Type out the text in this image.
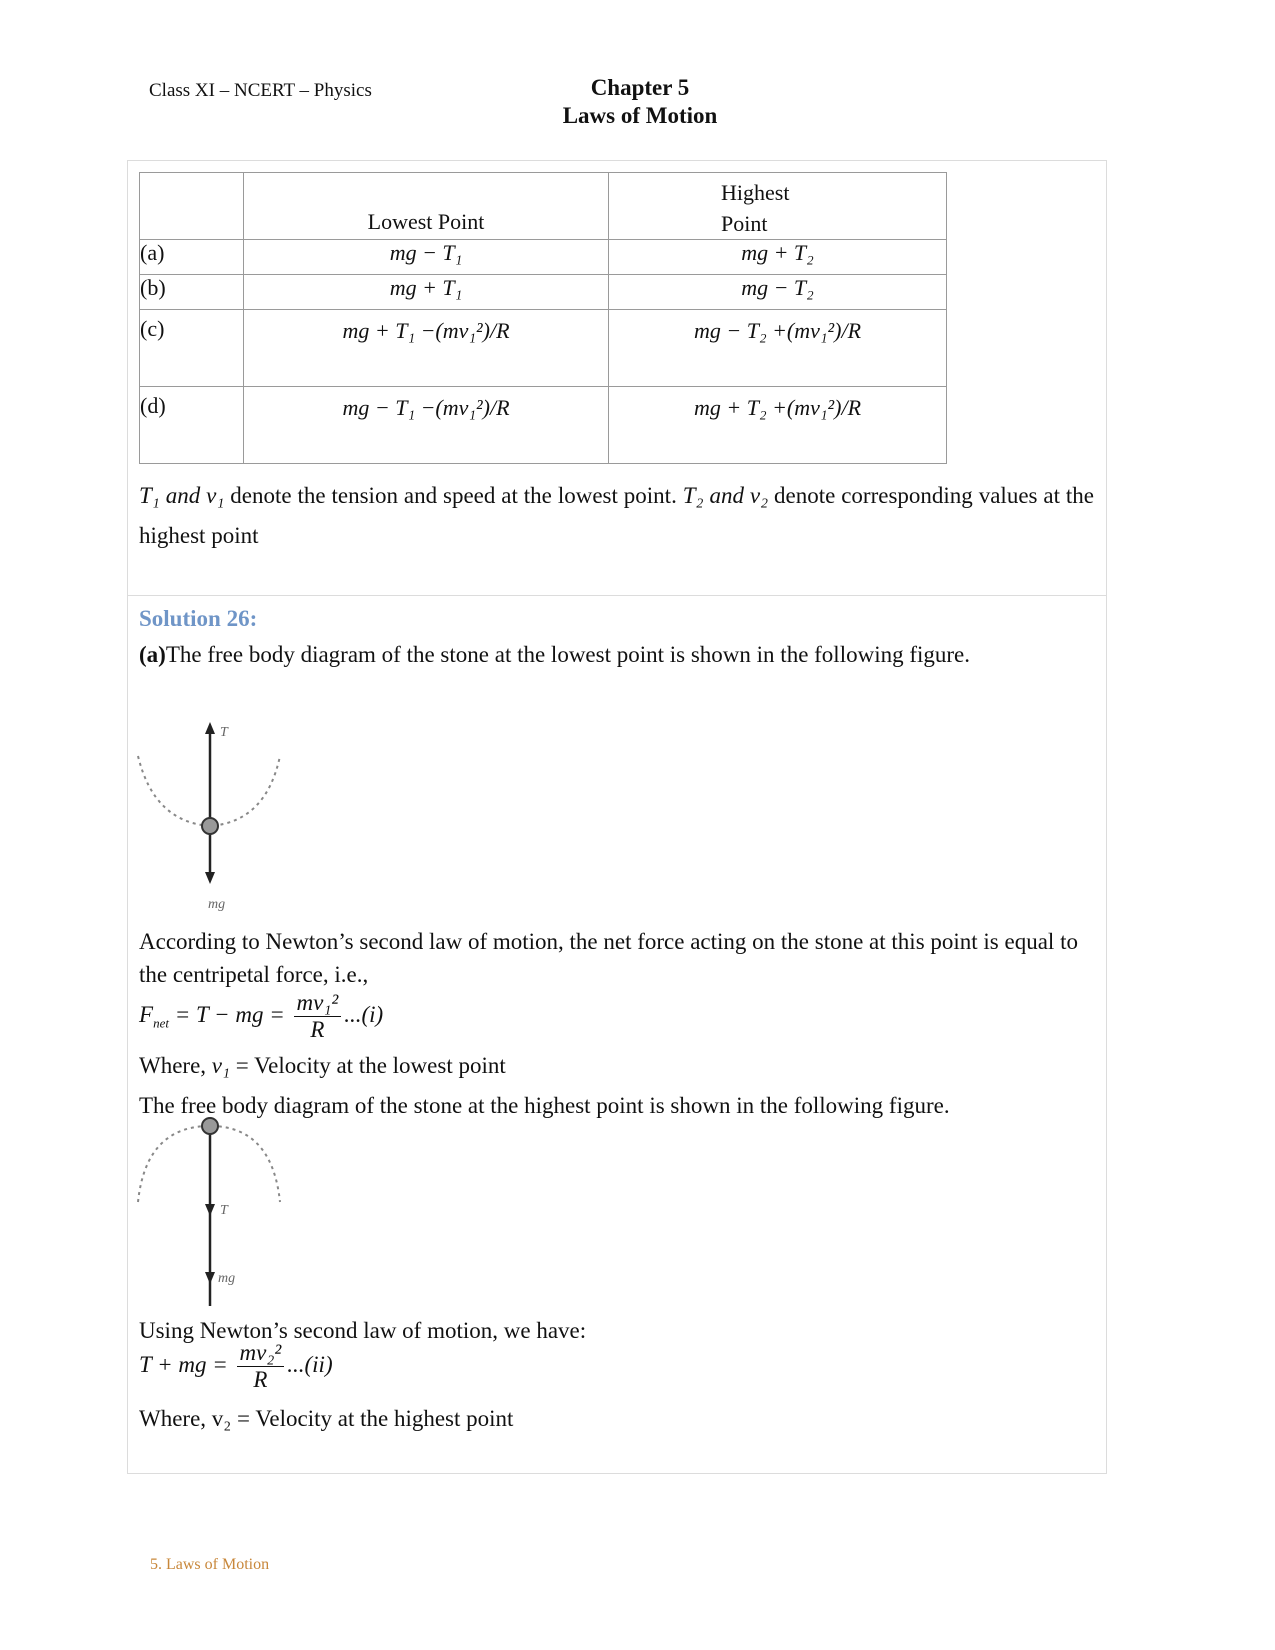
Class XI – NCERT – Physics	Chapter 5
Laws of Motion
	Lowest Point	Highest Point

(a)	mg − T₁	mg + T₂
(b)	mg + T₁	mg − T₂
(c)	mg + T₁ −(mv₁²)/R	mg − T₂ +(mv₁²)/R
(d)	mg − T₁ −(mv₁²)/R	mg + T₂ +(mv₁²)/R
T₁ and v₁ denote the tension and speed at the lowest point. T₂ and v₂ denote corresponding values at the highest point
Solution 26:
(a)The free body diagram of the stone at the lowest point is shown in the following figure.
T
mg
According to Newton’s second law of motion, the net force acting on the stone at this point is equal to the centripetal force, i.e.,
$F_{net} = T$ − mg = $\frac{\text{mv₁²}}{R} ...(i)$
Where, v₁ = Velocity at the lowest point
The free body diagram of the stone at the highest point is shown in the following figure.
T
mg
Using Newton’s second law of motion, we have:
T + mg = $\frac{\text{mv₂²}}{R} ...(ii)$
Where, v₂ = Velocity at the highest point
5. Laws of Motion
